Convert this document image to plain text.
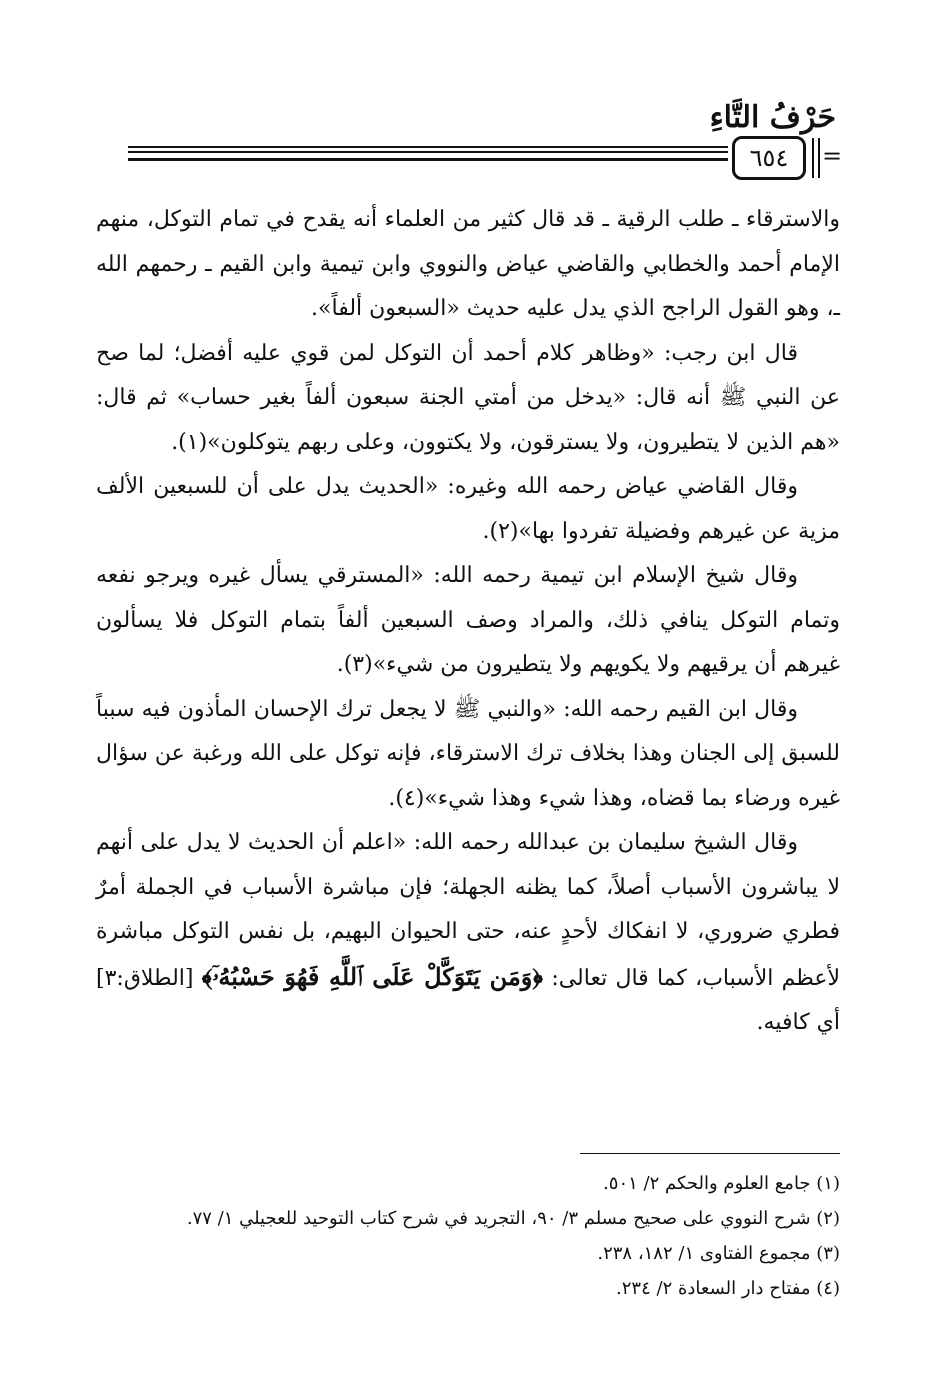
حَرْفُ التَّاءِ
٦٥٤	=

والاسترقاء ـ طلب الرقية ـ قد قال كثير من العلماء أنه يقدح في تمام التوكل، منهم الإمام أحمد والخطابي والقاضي عياض والنووي وابن تيمية وابن القيم ـ رحمهم الله ـ، وهو القول الراجح الذي يدل عليه حديث «السبعون ألفاً».

قال ابن رجب: «وظاهر كلام أحمد أن التوكل لمن قوي عليه أفضل؛ لما صح عن النبي ﷺ أنه قال: «يدخل من أمتي الجنة سبعون ألفاً بغير حساب» ثم قال: «هم الذين لا يتطيرون، ولا يسترقون، ولا يكتوون، وعلى ربهم يتوكلون»(١).

وقال القاضي عياض رحمه الله وغيره: «الحديث يدل على أن للسبعين الألف مزية عن غيرهم وفضيلة تفردوا بها»(٢).

وقال شيخ الإسلام ابن تيمية رحمه الله: «المسترقي يسأل غيره ويرجو نفعه وتمام التوكل ينافي ذلك، والمراد وصف السبعين ألفاً بتمام التوكل فلا يسألون غيرهم أن يرقيهم ولا يكويهم ولا يتطيرون من شيء»(٣).

وقال ابن القيم رحمه الله: «والنبي ﷺ لا يجعل ترك الإحسان المأذون فيه سبباً للسبق إلى الجنان وهذا بخلاف ترك الاسترقاء، فإنه توكل على الله ورغبة عن سؤال غيره ورضاء بما قضاه، وهذا شيء وهذا شيء»(٤).

وقال الشيخ سليمان بن عبدالله رحمه الله: «اعلم أن الحديث لا يدل على أنهم لا يباشرون الأسباب أصلاً، كما يظنه الجهلة؛ فإن مباشرة الأسباب في الجملة أمرٌ فطري ضروري، لا انفكاك لأحدٍ عنه، حتى الحيوان البهيم، بل نفس التوكل مباشرة لأعظم الأسباب، كما قال تعالى: ﴿وَمَن يَتَوَكَّلْ عَلَى ٱللَّهِ فَهُوَ حَسْبُهُۥٓ﴾ [الطلاق:٣] أي كافيه.

(١) جامع العلوم والحكم ٢/ ٥٠١.
(٢) شرح النووي على صحيح مسلم ٣/ ٩٠، التجريد في شرح كتاب التوحيد للعجيلي ١/ ٧٧.
(٣) مجموع الفتاوى ١/ ١٨٢، ٢٣٨.
(٤) مفتاح دار السعادة ٢/ ٢٣٤.
